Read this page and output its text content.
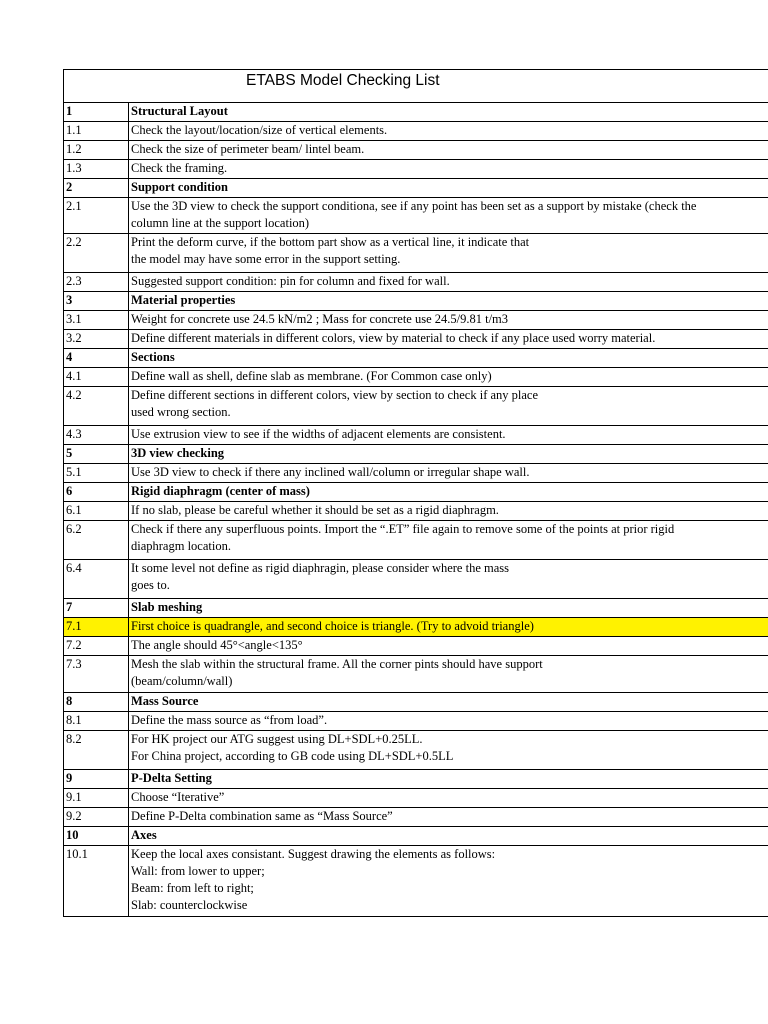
ETABS Model Checking List
1	Structural Layout

1.1	Check the layout/location/size of vertical elements.

1.2	Check the size of perimeter beam/ lintel beam.

1.3	Check the framing.

2	Support condition

2.1	Use the 3D view to check the support conditiona, see if any point has been set as a support by mistake (check the
column line at the support location)

2.2	Print the deform curve, if the bottom part show as a vertical line, it indicate that
the model may have some error in the support setting.

2.3	Suggested support condition: pin for column and fixed for wall.

3	Material properties

3.1	Weight for concrete use 24.5 kN/m2 ; Mass for concrete use 24.5/9.81 t/m3

3.2	Define different materials in different colors, view by material to check if any place used worry material.

4	Sections

4.1	Define wall as shell, define slab as membrane. (For Common case only)

4.2	Define different sections in different colors, view by section to check if any place
used wrong section.

4.3	Use extrusion view to see if the widths of adjacent elements are consistent.

5	3D view checking

5.1	Use 3D view to check if there any inclined wall/column or irregular shape wall.

6	Rigid diaphragm (center of mass)

6.1	If no slab, please be careful whether it should be set as a rigid diaphragm.

6.2	Check if there any superfluous points. Import the “.ET” file again to remove some of the points at prior rigid
diaphragm location.

6.4	It some level not define as rigid diaphragin, please consider where the mass
goes to.

7	Slab meshing

7.1	First choice is quadrangle, and second choice is triangle. (Try to advoid triangle)

7.2	The angle should 45°<angle<135°

7.3	Mesh the slab within the structural frame. All the corner pints should have support
(beam/column/wall)

8	Mass Source

8.1	Define the mass source as “from load”.

8.2	For HK project our ATG suggest using DL+SDL+0.25LL.
For China project, according to GB code using DL+SDL+0.5LL

9	P-Delta Setting

9.1	Choose “Iterative”

9.2	Define P-Delta combination same as “Mass Source”

10	Axes

10.1	Keep the local axes consistant. Suggest drawing the elements as follows:
Wall: from lower to upper;
Beam: from left to right;
Slab: counterclockwise
